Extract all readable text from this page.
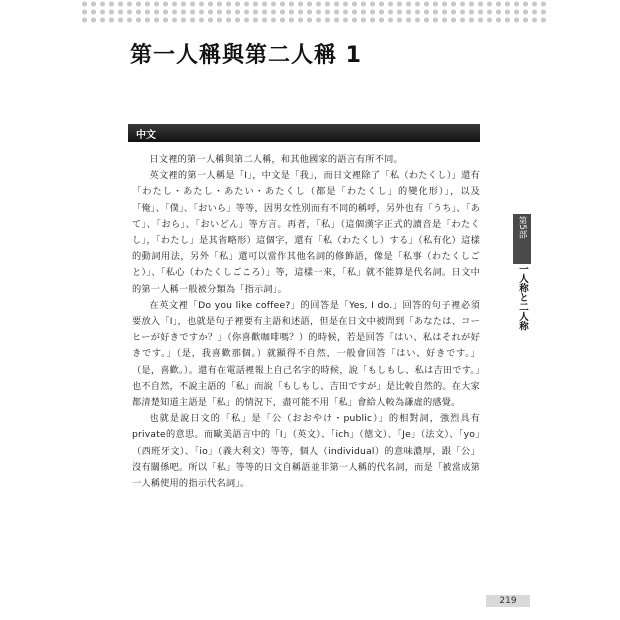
第一人稱與第二人稱 1
中文

日文裡的第一人稱與第二人稱，和其他國家的語言有所不同。

英文裡的第一人稱是「I」，中文是「我」，而日文裡除了「私（わたくし）」還有「わたし・あたし・あたい・あたくし（都是「わたくし」的變化形）」，以及「俺」、「僕」、「おいら」等等，因男女性別而有不同的稱呼，另外也有「うち」、「あて」、「おら」、「おいどん」等方言。再者，「私」（這個漢字正式的讀音是「わたくし」，「わたし」是其省略形）這個字，還有「私（わたくし）する」（私有化）這樣的動詞用法，另外「私」還可以當作其他名詞的修飾語，像是「私事（わたくしごと）」、「私心（わたくしごころ）」等，這樣一來，「私」就不能算是代名詞。日文中的第一人稱一般被分類為「指示詞」。

在英文裡「Do you like coffee?」的回答是「Yes, I do.」回答的句子裡必須要放入「I」，也就是句子裡要有主語和述語，但是在日文中被問到「あなたは、コーヒーが好きですか？」（你喜歡咖啡嗎？）的時候，若是回答「はい、私はそれが好きです。」（是，我喜歡那個。）就顯得不自然，一般會回答「はい、好きです。」（是，喜歡。）。還有在電話裡報上自己名字的時候，說「もしもし、私は吉田です。」也不自然，不說主語的「私」而說「もしもし、吉田ですが」是比較自然的。在大家都清楚知道主語是「私」的情況下，盡可能不用「私」會給人較為謙虛的感覺。

也就是說日文的「私」是「公（おおやけ・public）」的相對詞，強烈具有private的意思。而歐美語言中的「I」（英文）、「ich」（德文）、「Je」（法文）、「yo」（西班牙文）、「io」（義大利文）等等，個人（individual）的意味濃厚，跟「公」沒有關係吧。所以「私」等等的日文自稱語並非第一人稱的代名詞，而是「被當成第一人稱使用的指示代名詞」。

第5部
一人称と二人称
219
